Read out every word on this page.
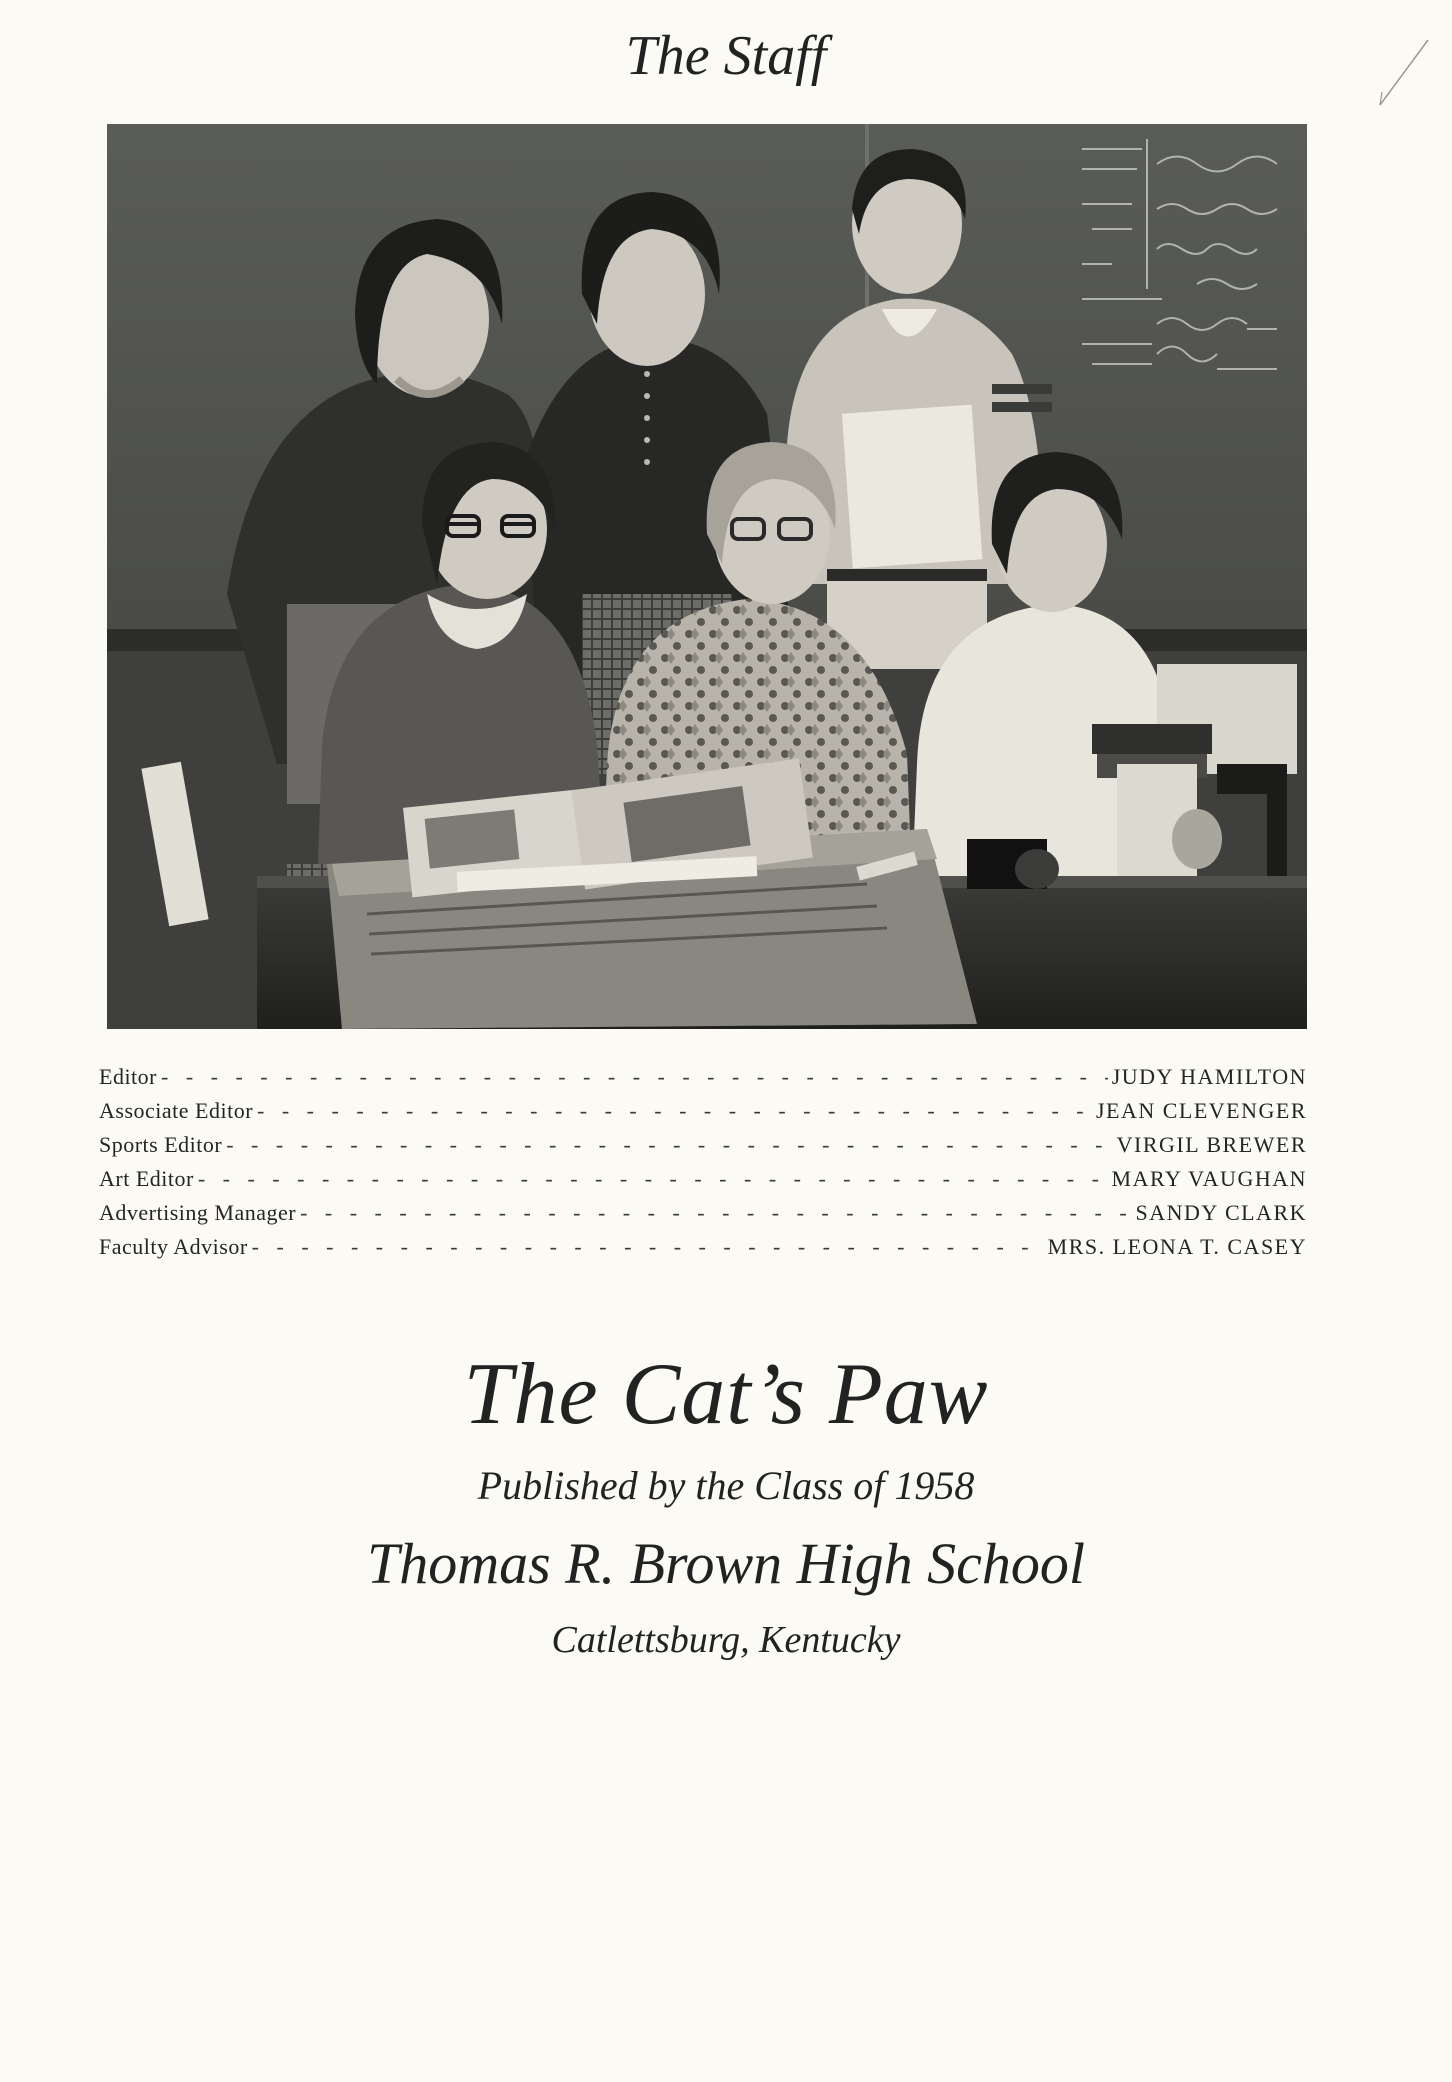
The Staff
Editor - - -	JUDY HAMILTON
Associate Editor - - -	JEAN CLEVENGER
Sports Editor - - -	VIRGIL BREWER
Art Editor - - -	MARY VAUGHAN
Advertising Manager - - -	SANDY CLARK
Faculty Advisor - - -	MRS. LEONA T. CASEY
The Cat’s Paw
Published by the Class of 1958
Thomas R. Brown High School
Catlettsburg, Kentucky
